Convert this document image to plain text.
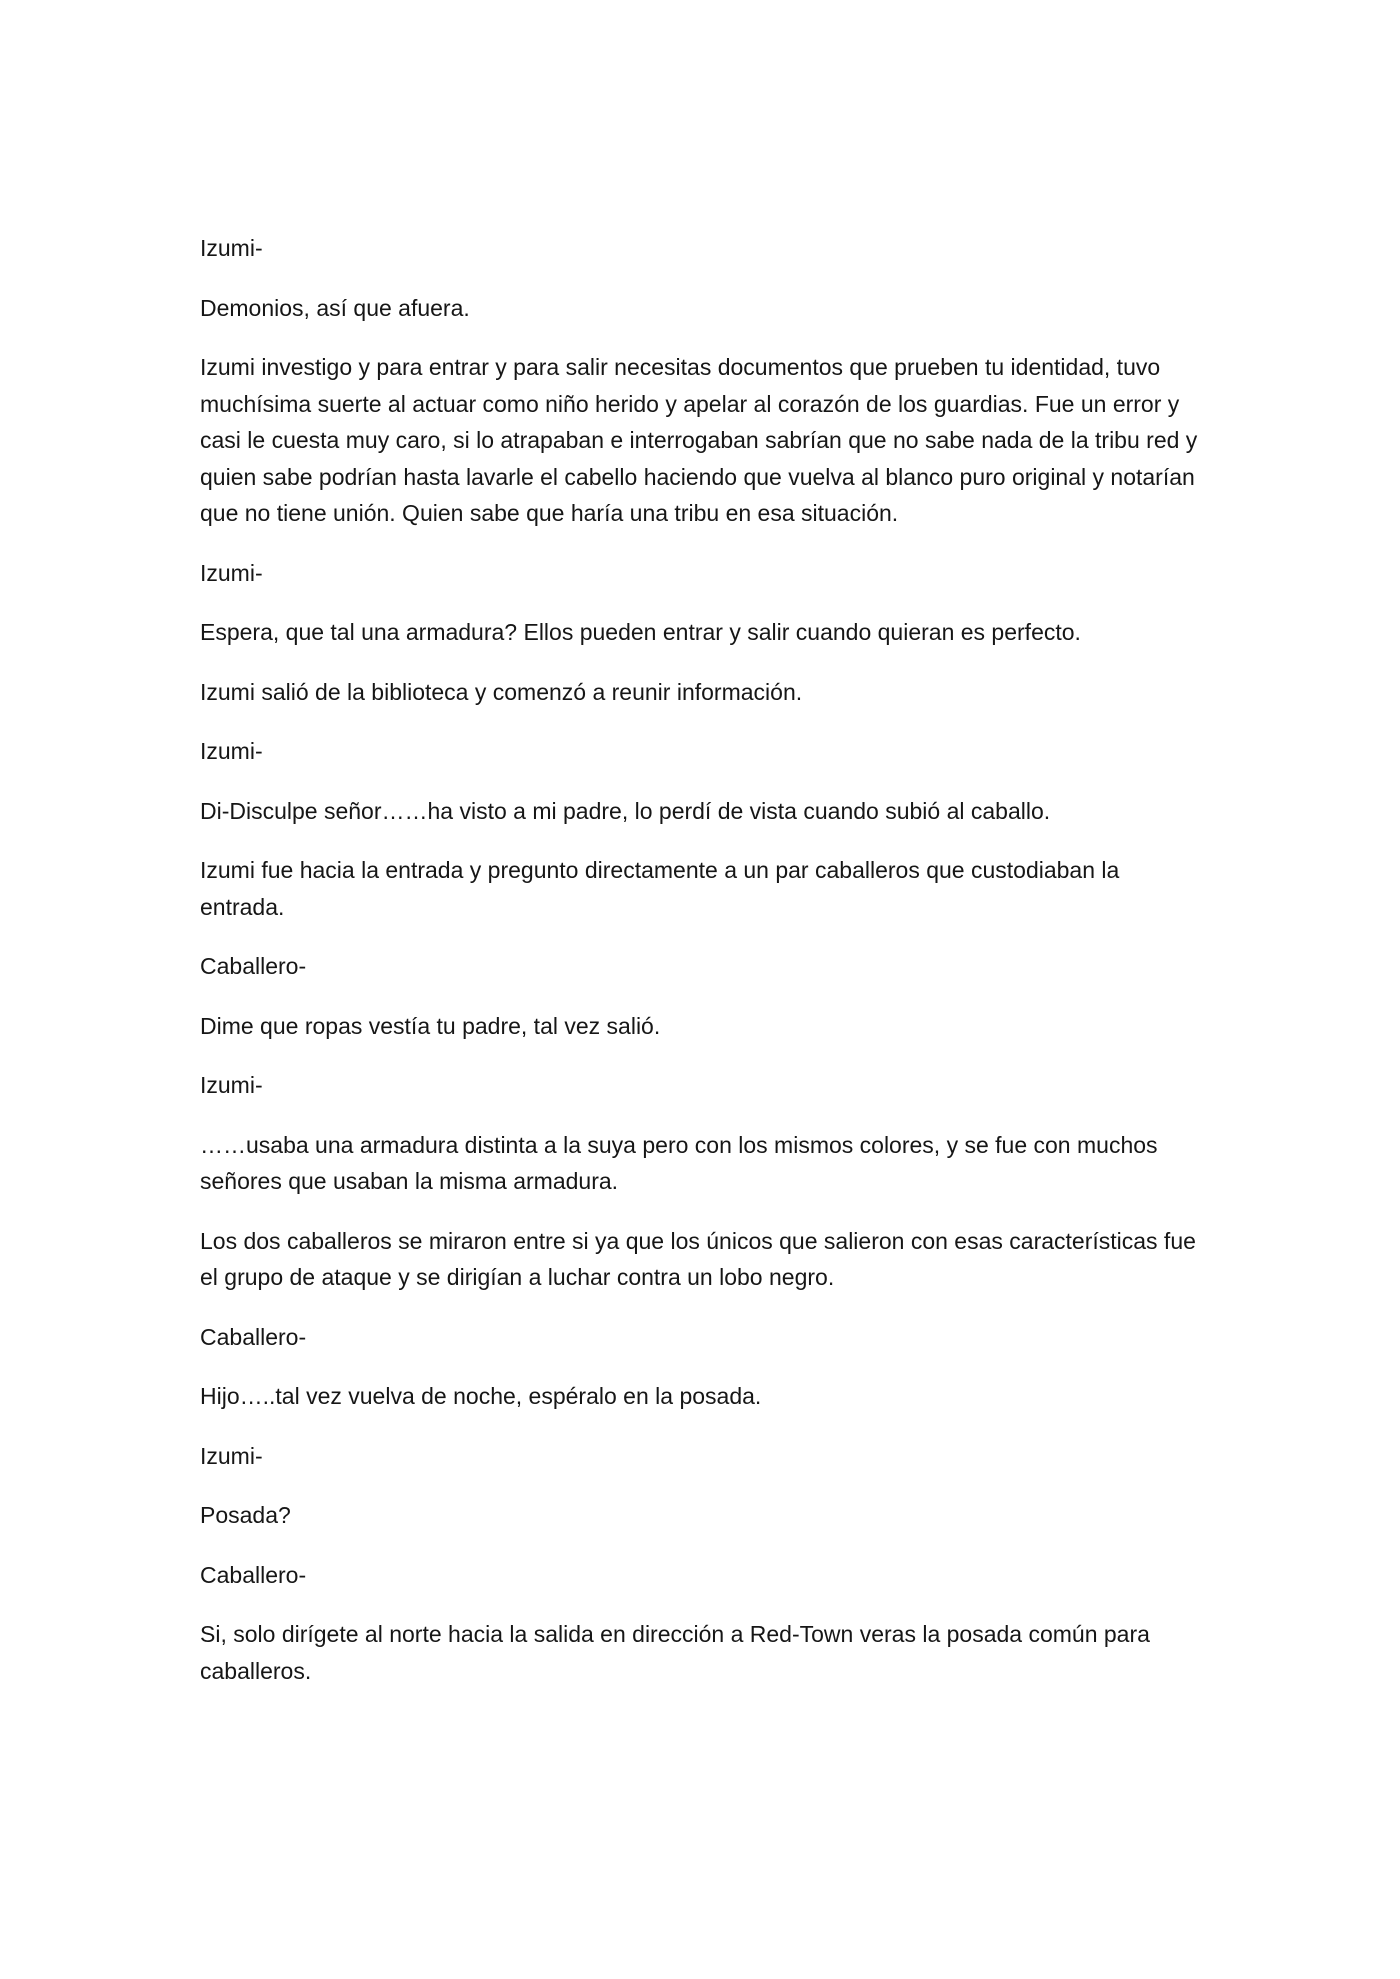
Izumi-

Demonios, así que afuera.

Izumi investigo y para entrar y para salir necesitas documentos que prueben tu identidad, tuvo muchísima suerte al actuar como niño herido y apelar al corazón de los guardias. Fue un error y casi le cuesta muy caro, si lo atrapaban e interrogaban sabrían que no sabe nada de la tribu red y quien sabe podrían hasta lavarle el cabello haciendo que vuelva al blanco puro original y notarían que no tiene unión. Quien sabe que haría una tribu en esa situación.

Izumi-

Espera, que tal una armadura? Ellos pueden entrar y salir cuando quieran es perfecto.

Izumi salió de la biblioteca y comenzó a reunir información.

Izumi-

Di-Disculpe señor……ha visto a mi padre, lo perdí de vista cuando subió al caballo.

Izumi fue hacia la entrada y pregunto directamente a un par caballeros que custodiaban la entrada.

Caballero-

Dime que ropas vestía tu padre, tal vez salió.

Izumi-

……usaba una armadura distinta a la suya pero con los mismos colores, y se fue con muchos señores que usaban la misma armadura.

Los dos caballeros se miraron entre si ya que los únicos que salieron con esas características fue el grupo de ataque y se dirigían a luchar contra un lobo negro.

Caballero-

Hijo…..tal vez vuelva de noche, espéralo en la posada.

Izumi-

Posada?

Caballero-

Si, solo dirígete al norte hacia la salida en dirección a Red-Town veras la posada común para caballeros.
